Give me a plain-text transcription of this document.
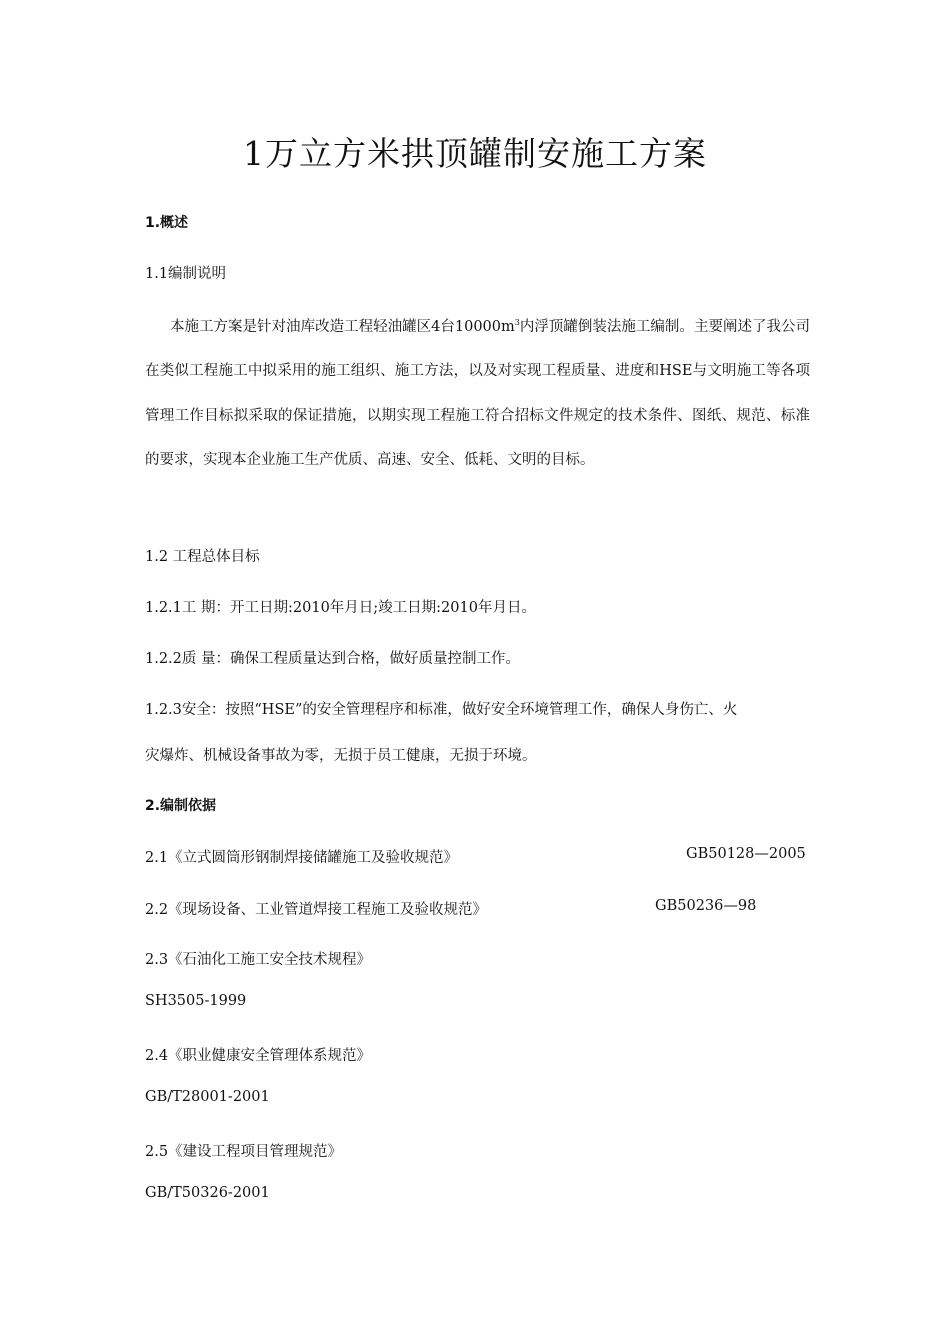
1万立方米拱顶罐制安施工方案
1.概述
1.1编制说明
本施工方案是针对油库改造工程轻油罐区4台$10000m^3$内浮顶罐倒装法施工编制。主要阐述了我公司在类似工程施工中拟采用的施工组织、施工方法，以及对实现工程质量、进度和HSE与文明施工等各项管理工作目标拟采取的保证措施，以期实现工程施工符合招标文件规定的技术条件、图纸、规范、标准的要求，实现本企业施工生产优质、高速、安全、低耗、文明的目标。
1.2 工程总体目标
1.2.1工 期：开工日期:2010年月日;竣工日期:2010年月日。
1.2.2质 量：确保工程质量达到合格，做好质量控制工作。
1.2.3安全：按照“HSE”的安全管理程序和标准，做好安全环境管理工作，确保人身伤亡、火
灾爆炸、机械设备事故为零，无损于员工健康，无损于环境。
2.编制依据
2.1《立式圆筒形钢制焊接储罐施工及验收规范》	GB50128—2005
2.2《现场设备、工业管道焊接工程施工及验收规范》	GB50236—98
2.3《石油化工施工安全技术规程》
SH3505-1999
2.4《职业健康安全管理体系规范》
GB/T28001-2001
2.5《建设工程项目管理规范》
GB/T50326-2001
